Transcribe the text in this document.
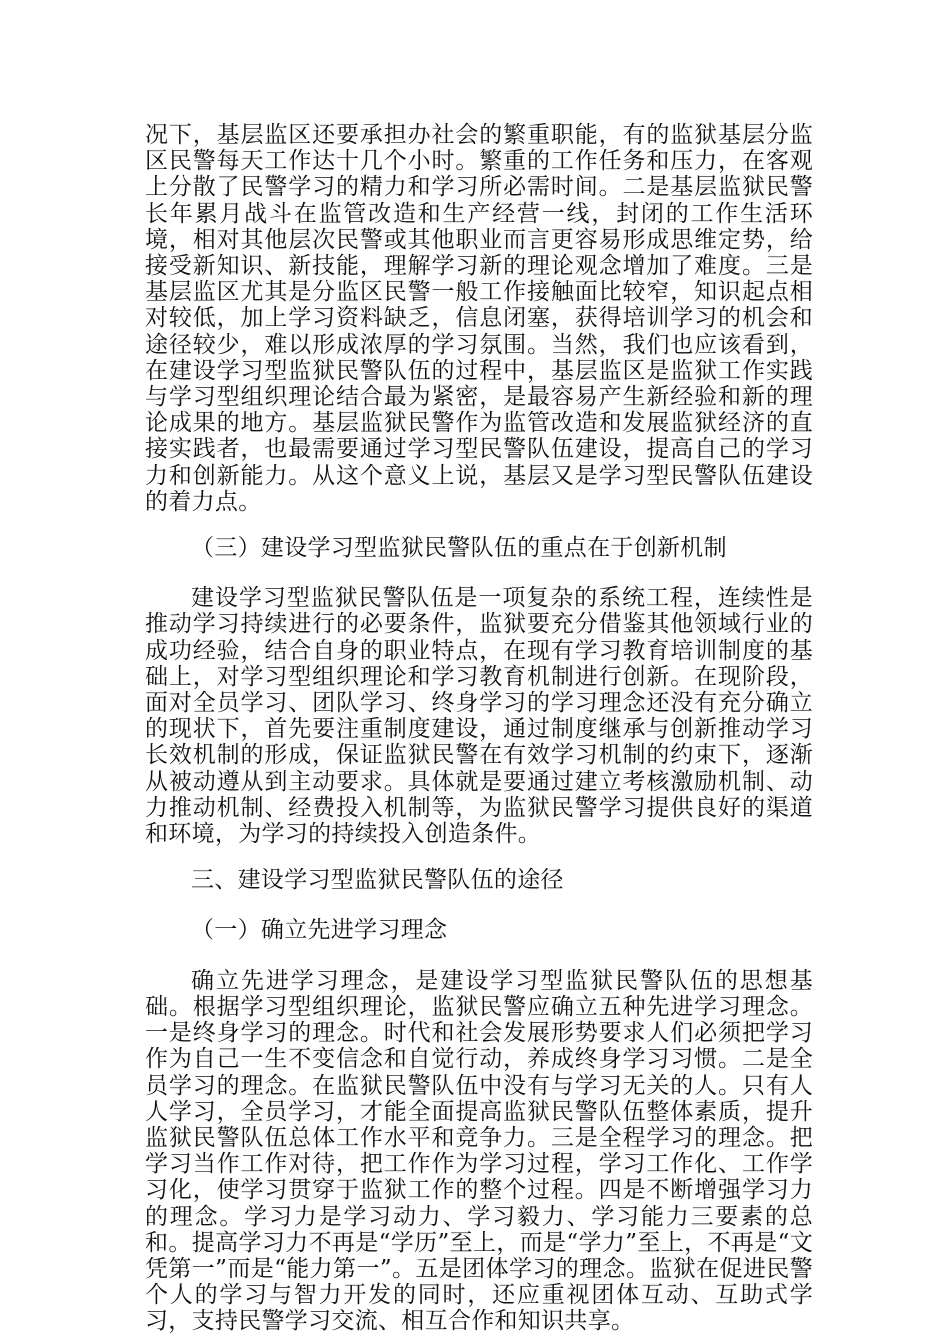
况下，基层监区还要承担办社会的繁重职能，有的监狱基层分监区民警每天工作达十几个小时。繁重的工作任务和压力，在客观上分散了民警学习的精力和学习所必需时间。二是基层监狱民警长年累月战斗在监管改造和生产经营一线，封闭的工作生活环境，相对其他层次民警或其他职业而言更容易形成思维定势，给接受新知识、新技能，理解学习新的理论观念增加了难度。三是基层监区尤其是分监区民警一般工作接触面比较窄，知识起点相对较低，加上学习资料缺乏，信息闭塞，获得培训学习的机会和途径较少，难以形成浓厚的学习氛围。当然，我们也应该看到，在建设学习型监狱民警队伍的过程中，基层监区是监狱工作实践与学习型组织理论结合最为紧密，是最容易产生新经验和新的理论成果的地方。基层监狱民警作为监管改造和发展监狱经济的直接实践者，也最需要通过学习型民警队伍建设，提高自己的学习力和创新能力。从这个意义上说，基层又是学习型民警队伍建设的着力点。

（三）建设学习型监狱民警队伍的重点在于创新机制

建设学习型监狱民警队伍是一项复杂的系统工程，连续性是推动学习持续进行的必要条件，监狱要充分借鉴其他领域行业的成功经验，结合自身的职业特点，在现有学习教育培训制度的基础上，对学习型组织理论和学习教育机制进行创新。在现阶段，面对全员学习、团队学习、终身学习的学习理念还没有充分确立的现状下，首先要注重制度建设，通过制度继承与创新推动学习长效机制的形成，保证监狱民警在有效学习机制的约束下，逐渐从被动遵从到主动要求。具体就是要通过建立考核激励机制、动力推动机制、经费投入机制等，为监狱民警学习提供良好的渠道和环境，为学习的持续投入创造条件。

三、建设学习型监狱民警队伍的途径

（一）确立先进学习理念

确立先进学习理念，是建设学习型监狱民警队伍的思想基础。根据学习型组织理论，监狱民警应确立五种先进学习理念。一是终身学习的理念。时代和社会发展形势要求人们必须把学习作为自己一生不变信念和自觉行动，养成终身学习习惯。二是全员学习的理念。在监狱民警队伍中没有与学习无关的人。只有人人学习，全员学习，才能全面提高监狱民警队伍整体素质，提升监狱民警队伍总体工作水平和竞争力。三是全程学习的理念。把学习当作工作对待，把工作作为学习过程，学习工作化、工作学习化，使学习贯穿于监狱工作的整个过程。四是不断增强学习力的理念。学习力是学习动力、学习毅力、学习能力三要素的总和。提高学习力不再是“学历”至上，而是“学力”至上，不再是“文凭第一”而是“能力第一”。五是团体学习的理念。监狱在促进民警个人的学习与智力开发的同时，还应重视团体互动、互助式学习，支持民警学习交流、相互合作和知识共享。
